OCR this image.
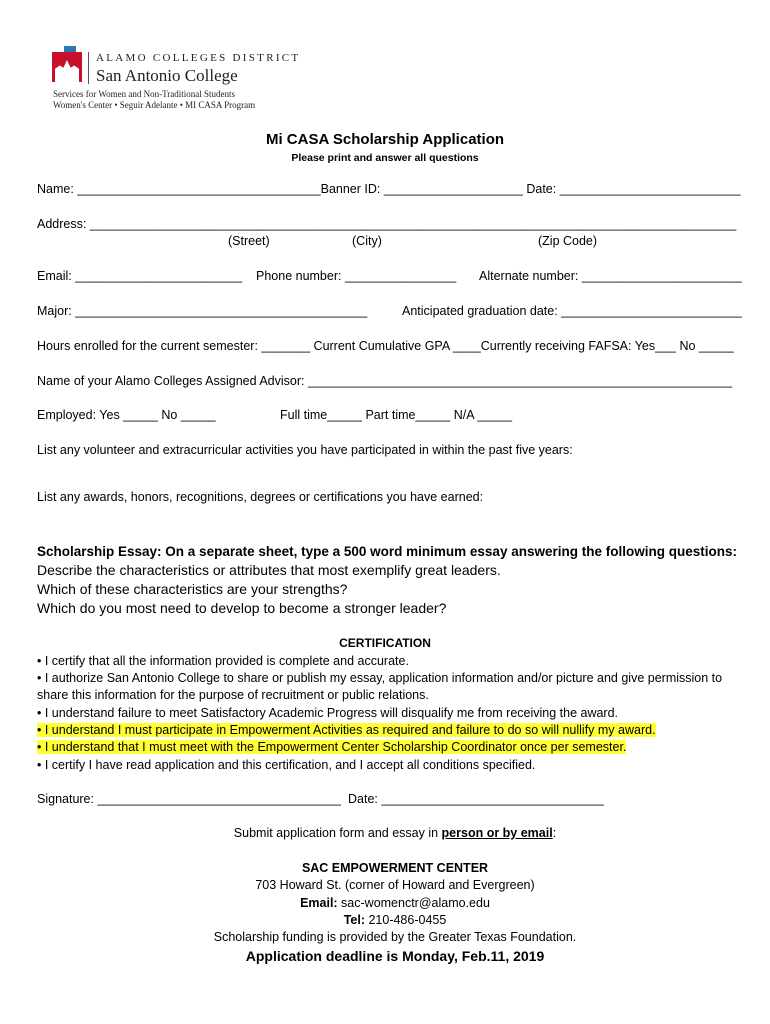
ALAMO COLLEGES DISTRICT
San Antonio College
Services for Women and Non-Traditional Students
Women's Center • Seguir Adelante • MI CASA Program
Mi CASA Scholarship Application
Please print and answer all questions
Name: ___________________________________Banner ID: ____________________ Date: __________________________
Address: _____________________________________________________________________________________________
(Street)	(City)	(Zip Code)
Email: ________________________ Phone number: ________________ Alternate number: _______________________
Major: __________________________________________	Anticipated graduation date: __________________________
Hours enrolled for the current semester: _______ Current Cumulative GPA ____Currently receiving FAFSA: Yes___ No _____
Name of your Alamo Colleges Assigned Advisor: _____________________________________________________________
Employed: Yes _____ No _____	Full time_____ Part time_____ N/A _____
List any volunteer and extracurricular activities you have participated in within the past five years:
List any awards, honors, recognitions, degrees or certifications you have earned:
Scholarship Essay: On a separate sheet, type a 500 word minimum essay answering the following questions:
Describe the characteristics or attributes that most exemplify great leaders.
Which of these characteristics are your strengths?
Which do you most need to develop to become a stronger leader?
CERTIFICATION
• I certify that all the information provided is complete and accurate.
• I authorize San Antonio College to share or publish my essay, application information and/or picture and give permission to
share this information for the purpose of recruitment or public relations.
• I understand failure to meet Satisfactory Academic Progress will disqualify me from receiving the award.
• I understand I must participate in Empowerment Activities as required and failure to do so will nullify my award.
• I understand that I must meet with the Empowerment Center Scholarship Coordinator once per semester.
• I certify I have read application and this certification, and I accept all conditions specified.
Signature: ___________________________________ Date: ________________________________
Submit application form and essay in person or by email:
SAC EMPOWERMENT CENTER
703 Howard St. (corner of Howard and Evergreen)
Email: sac-womenctr@alamo.edu
Tel: 210-486-0455
Scholarship funding is provided by the Greater Texas Foundation.
Application deadline is Monday, Feb.11, 2019
